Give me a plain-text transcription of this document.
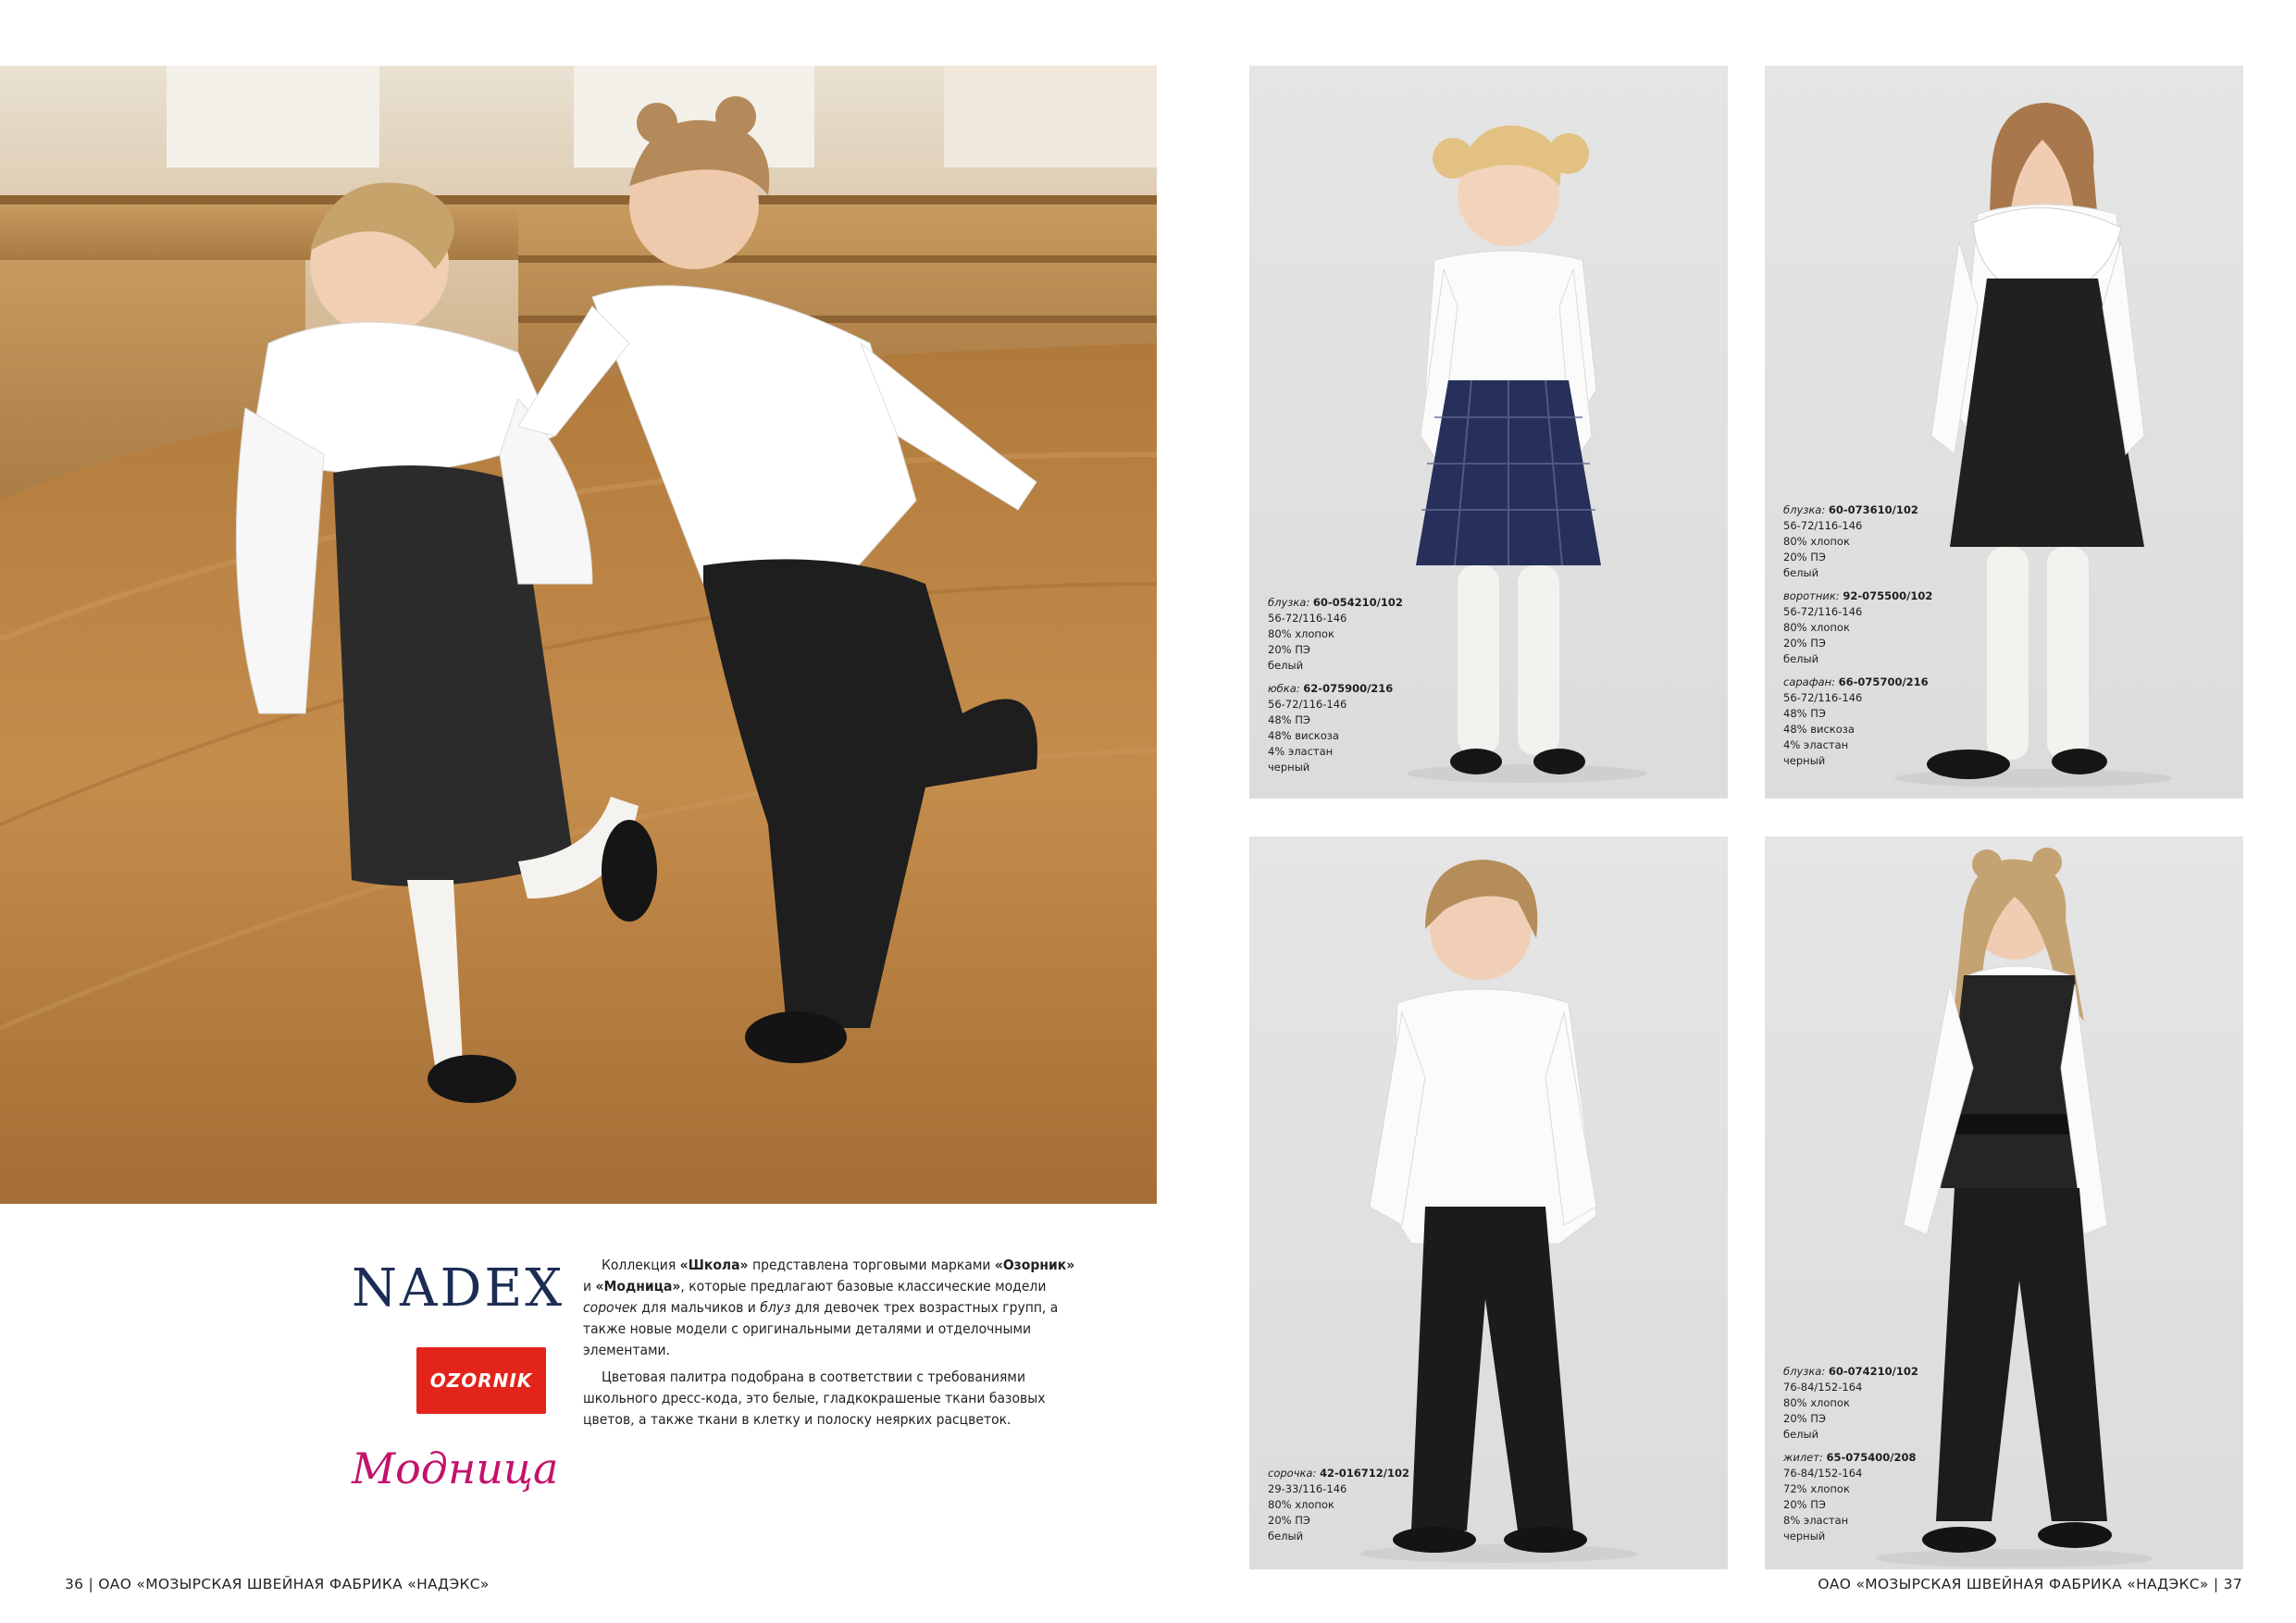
NADEX
OZORNIK
Модница

Коллекция «Школа» представлена торговыми марками «Озорник» и «Модница», которые предлагают базовые классические модели сорочек для мальчиков и блуз для девочек трех возрастных групп, а также новые модели с оригинальными деталями и отделочными элементами.

Цветовая палитра подобрана в соответствии с требованиями школьного дресс-кода, это белые, гладкокрашеные ткани базовых цветов, а также ткани в клетку и полоску неяркиx расцветок.

36 | ОАО «МОЗЫРСКАЯ ШВЕЙНАЯ ФАБРИКА «НАДЭКС»
блузка: 60-054210/102
56-72/116-146
80% хлопок
20% ПЭ
белый
юбка: 62-075900/216
56-72/116-146
48% ПЭ
48% вискоза
4% эластан
черный
блузка: 60-073610/102
56-72/116-146
80% хлопок
20% ПЭ
белый
воротник: 92-075500/102
56-72/116-146
80% хлопок
20% ПЭ
белый
сарафан: 66-075700/216
56-72/116-146
48% ПЭ
48% вискоза
4% эластан
черный
сорочка: 42-016712/102
29-33/116-146
80% хлопок
20% ПЭ
белый
блузка: 60-074210/102
76-84/152-164
80% хлопок
20% ПЭ
белый
жилет: 65-075400/208
76-84/152-164
72% хлопок
20% ПЭ
8% эластан
черный
ОАО «МОЗЫРСКАЯ ШВЕЙНАЯ ФАБРИКА «НАДЭКС» | 37
